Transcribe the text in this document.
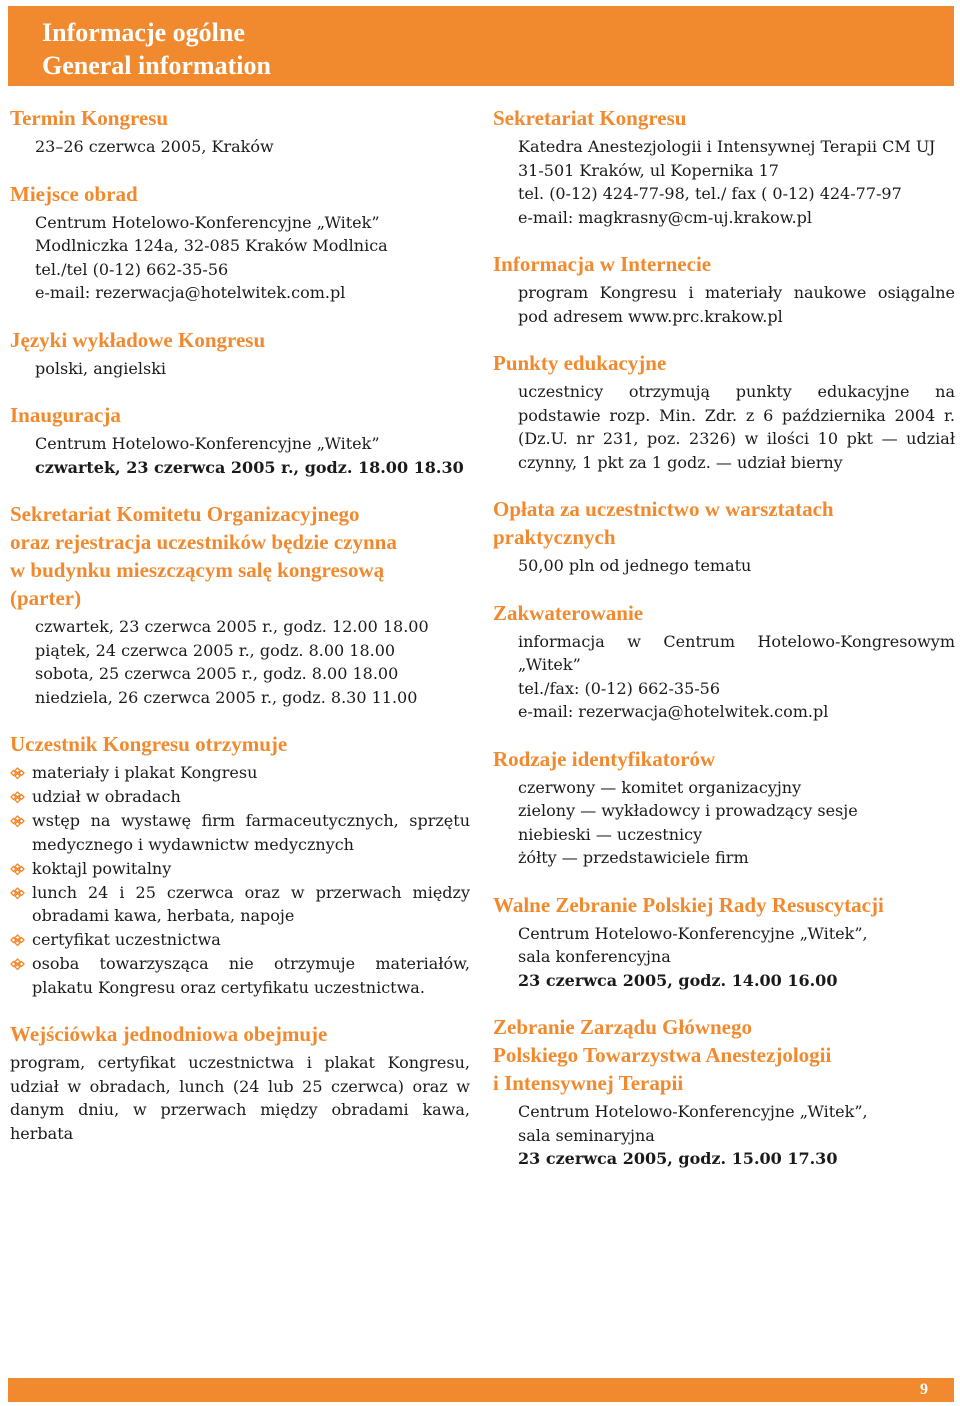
Informacje ogólne
General information
Termin Kongresu
23–26 czerwca 2005, Kraków
Miejsce obrad
Centrum Hotelowo-Konferencyjne „Witek”
Modlniczka 124a, 32-085 Kraków Modlnica
tel./tel (0-12) 662-35-56
e-mail: rezerwacja@hotelwitek.com.pl
Języki wykładowe Kongresu
polski, angielski
Inauguracja
Centrum Hotelowo-Konferencyjne „Witek”
czwartek, 23 czerwca 2005 r., godz. 18.00 18.30
Sekretariat Komitetu Organizacyjnego
oraz rejestracja uczestników będzie czynna
w budynku mieszczącym salę kongresową
(parter)
czwartek, 23 czerwca 2005 r., godz. 12.00 18.00
piątek, 24 czerwca 2005 r., godz. 8.00 18.00
sobota, 25 czerwca 2005 r., godz. 8.00 18.00
niedziela, 26 czerwca 2005 r., godz. 8.30 11.00
Uczestnik Kongresu otrzymuje
materiały i plakat Kongresu
udział w obradach
wstęp na wystawę firm farmaceutycznych, sprzętu medycznego i wydawnictw medycznych
koktajl powitalny
lunch 24 i 25 czerwca oraz w przerwach między obradami kawa, herbata, napoje
certyfikat uczestnictwa
osoba towarzysząca nie otrzymuje materiałów, plakatu Kongresu oraz certyfikatu uczestnictwa.
Wejściówka jednodniowa obejmuje

program, certyfikat uczestnictwa i plakat Kongresu, udział w obradach, lunch (24 lub 25 czerwca) oraz w danym dniu, w przerwach między obradami kawa, herbata

Sekretariat Kongresu
Katedra Anestezjologii i Intensywnej Terapii CM UJ
31-501 Kraków, ul Kopernika 17
tel. (0-12) 424-77-98, tel./ fax ( 0-12) 424-77-97
e-mail: magkrasny@cm-uj.krakow.pl
Informacja w Internecie

program Kongresu i materiały naukowe osiągalne pod adresem www.prc.krakow.pl

Punkty edukacyjne

uczestnicy otrzymują punkty edukacyjne na podstawie rozp. Min. Zdr. z 6 października 2004 r. (Dz.U. nr 231, poz. 2326) w ilości 10 pkt — udział czynny, 1 pkt za 1 godz. — udział bierny

Opłata za uczestnictwo w warsztatach
praktycznych
50,00 pln od jednego tematu
Zakwaterowanie

informacja w Centrum Hotelowo-Kongresowym „Witek”

tel./fax: (0-12) 662-35-56
e-mail: rezerwacja@hotelwitek.com.pl
Rodzaje identyfikatorów
czerwony — komitet organizacyjny
zielony — wykładowcy i prowadzący sesje
niebieski — uczestnicy
żółty — przedstawiciele firm
Walne Zebranie Polskiej Rady Resuscytacji
Centrum Hotelowo-Konferencyjne „Witek”,
sala konferencyjna
23 czerwca 2005, godz. 14.00 16.00
Zebranie Zarządu Głównego
Polskiego Towarzystwa Anestezjologii
i Intensywnej Terapii
Centrum Hotelowo-Konferencyjne „Witek”,
sala seminaryjna
23 czerwca 2005, godz. 15.00 17.30
9
